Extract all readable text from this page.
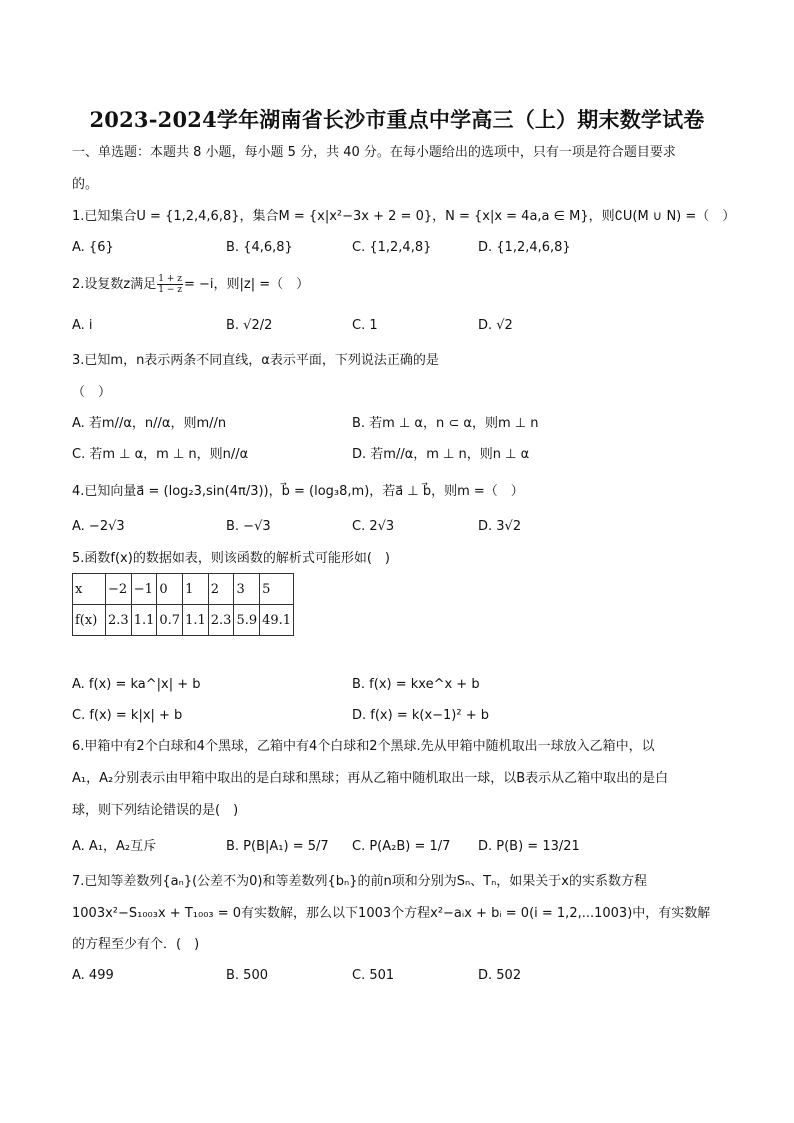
2023-2024学年湖南省长沙市重点中学高三（上）期末数学试卷
一、单选题：本题共 8 小题，每小题 5 分，共 40 分。在每小题给出的选项中，只有一项是符合题目要求
的。
1.已知集合U = {1,2,4,6,8}，集合M = {x|x²−3x + 2 = 0}，N = {x|x = 4a,a ∈ M}，则∁U(M ∪ N) =（　）
A. {6}	B. {4,6,8}	C. {1,2,4,8}	D. {1,2,4,6,8}
2.设复数z满足 $\frac{1 + z}{1 - z} = -i$，则|z| =（　）
A. i	B. √2/2	C. 1	D. √2
3.已知m，n表示两条不同直线，α表示平面，下列说法正确的是
（　）
A. 若m//α，n//α，则m//n	B. 若m ⊥ α，n ⊂ α，则m ⊥ n
C. 若m ⊥ α，m ⊥ n，则n//α	D. 若m//α，m ⊥ n，则n ⊥ α
4.已知向量a⃗ = (log₂3,sin(4π/3))，b⃗ = (log₃8,m)，若a⃗ ⊥ b⃗，则m =（　）
A. −2√3	B. −√3	C. 2√3	D. 3√2
5.函数f(x)的数据如表，则该函数的解析式可能形如(　)
x	−2	−1	0	1	2	3	5
f(x)	2.3	1.1	0.7	1.1	2.3	5.9	49.1
A. f(x) = ka^|x| + b	B. f(x) = kxe^x + b
C. f(x) = k|x| + b	D. f(x) = k(x−1)² + b
6.甲箱中有2个白球和4个黑球，乙箱中有4个白球和2个黑球.先从甲箱中随机取出一球放入乙箱中，以
A₁，A₂分别表示由甲箱中取出的是白球和黑球；再从乙箱中随机取出一球，以B表示从乙箱中取出的是白
球，则下列结论错误的是(　)
A. A₁，A₂互斥	B. P(B|A₁) = 5/7 C. P(A₂B) = 1/7 D. P(B) = 13/21
7.已知等差数列{aₙ}(公差不为0)和等差数列{bₙ}的前n项和分别为Sₙ、Tₙ，如果关于x的实系数方程
1003x²−S₁₀₀₃x + T₁₀₀₃ = 0有实数解，那么以下1003个方程x²−aᵢx + bᵢ = 0(i = 1,2,...1003)中，有实数解
的方程至少有个．(　)
A. 499	B. 500	C. 501	D. 502
